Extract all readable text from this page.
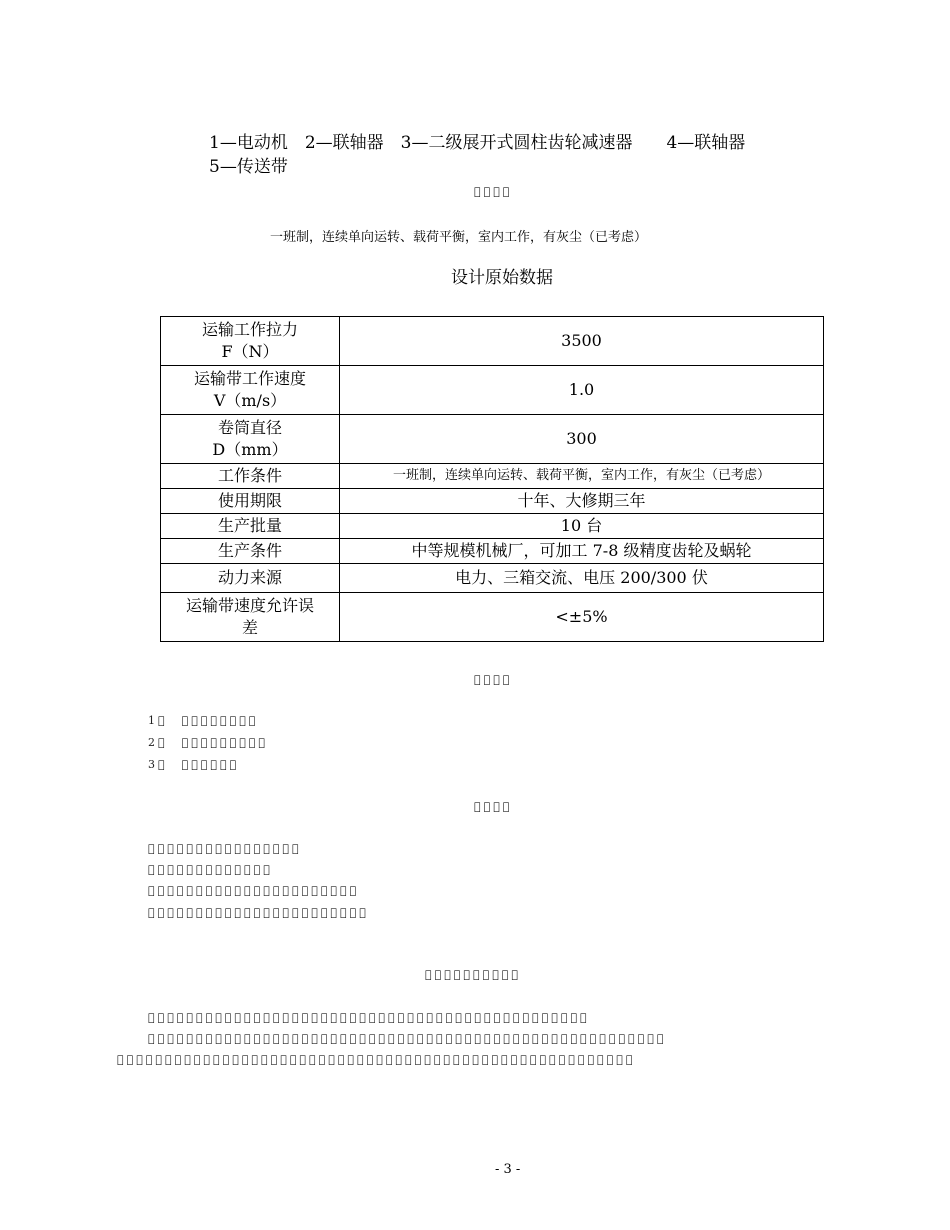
1—电动机　2—联轴器　3—二级展开式圆柱齿轮减速器　　4—联轴器
5—传送带
    
一班制，连续单向运转、载荷平衡，室内工作，有灰尘（已考虑）
设计原始数据
运输工作拉力
F（N）	3500
运输带工作速度
V（m/s）	1.0
卷筒直径
D（mm）	300
工作条件	一班制，连续单向运转、载荷平衡，室内工作，有灰尘（已考虑）
使用期限	十年、大修期三年
生产批量	10 台
生产条件	中等规模机械厂，可加工 7-8 级精度齿轮及蜗轮
动力来源	电力、三箱交流、电压 200/300 伏
运输带速度允许误
差	<±5%
    
1 　        
2 　         
3 　      
    
                
             
                      
                       
          
                                              
                                                      
                                                      
- 3 -
